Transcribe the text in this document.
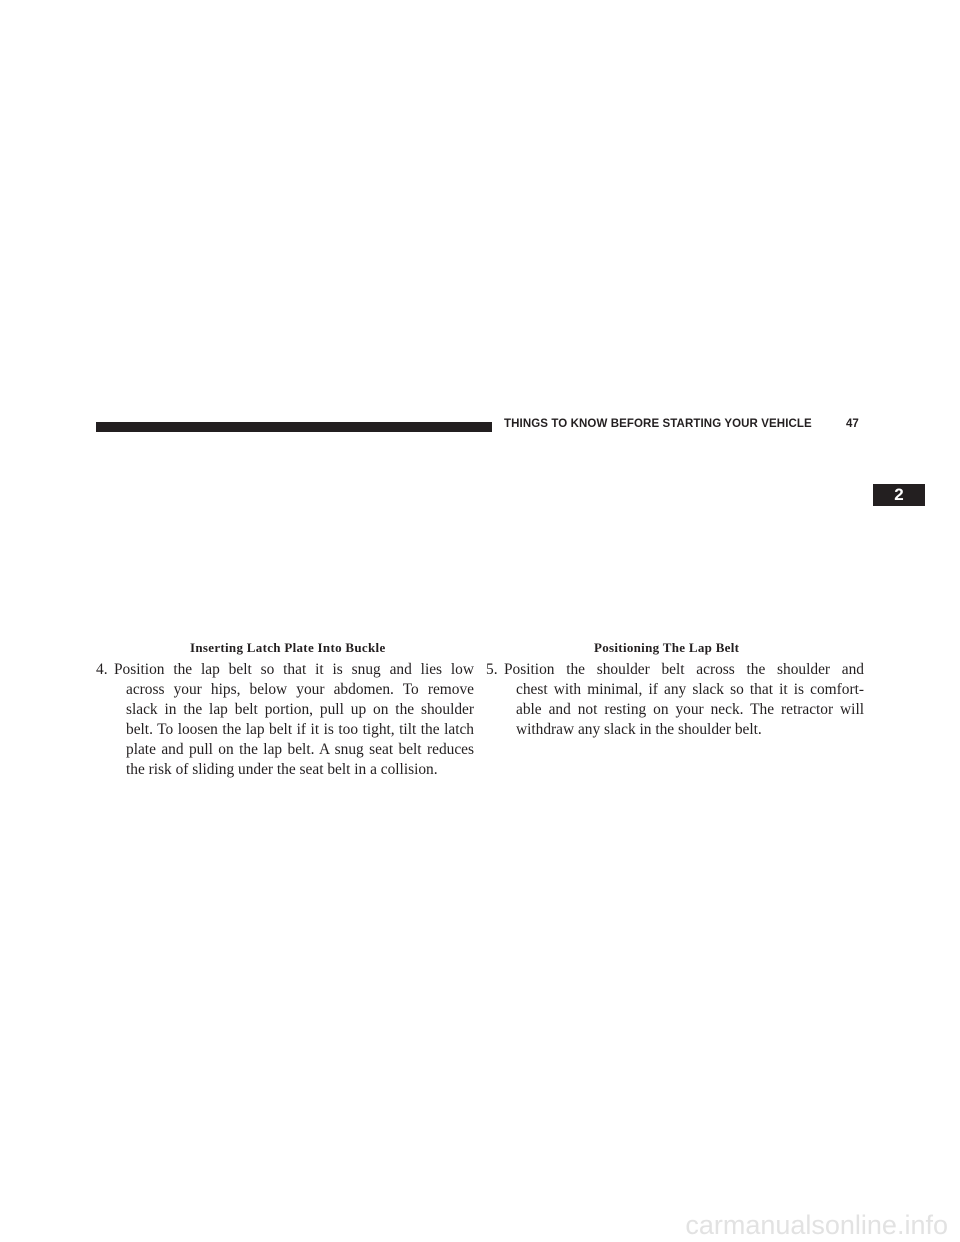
THINGS TO KNOW BEFORE STARTING YOUR VEHICLE	47
2
Inserting Latch Plate Into Buckle	Positioning The Lap Belt
4. Position the lap belt so that it is snug and lies low
across your hips, below your abdomen. To remove
slack in the lap belt portion, pull up on the shoulder
belt. To loosen the lap belt if it is too tight, tilt the latch
plate and pull on the lap belt. A snug seat belt reduces
the risk of sliding under the seat belt in a collision.
5. Position the shoulder belt across the shoulder and
chest with minimal, if any slack so that it is comfort-
able and not resting on your neck. The retractor will
withdraw any slack in the shoulder belt.
carmanualsonline.info
